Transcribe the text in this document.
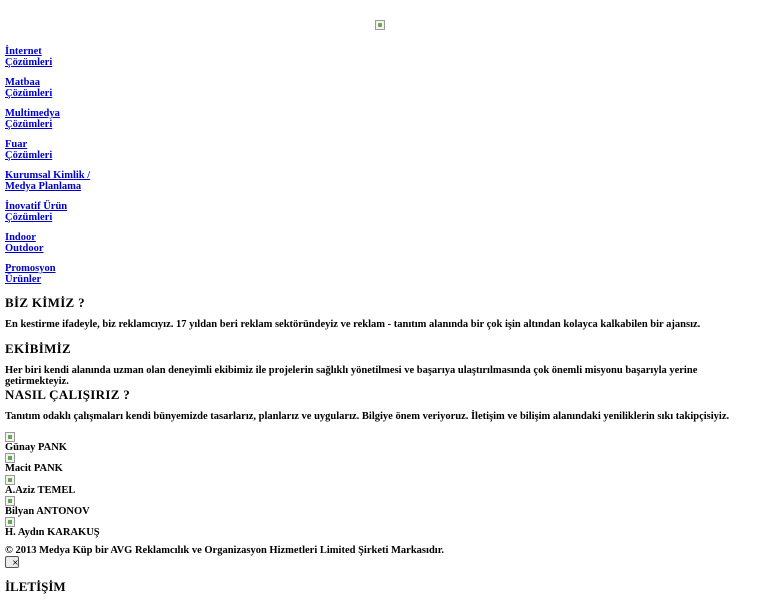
İnternet
Çözümleri
Matbaa
Çözümleri
Multimedya
Çözümleri
Fuar
Çözümleri
Kurumsal Kimlik /
Medya Planlama
İnovatif Ürün
Çözümleri
Indoor
Outdoor
Promosyon
Ürünler
BİZ KİMİZ ?

En kestirme ifadeyle, biz reklamcıyız. 17 yıldan beri reklam sektöründeyiz ve reklam - tanıtım alanında bir çok işin altından kolayca kalkabilen bir ajansız.

EKİBİMİZ

Her biri kendi alanında uzman olan deneyimli ekibimiz ile projelerin sağlıklı yönetilmesi ve başarıya ulaştırılmasında çok önemli misyonu başarıyla yerine getirmekteyiz.

NASIL ÇALIŞIRIZ ?

Tanıtım odaklı çalışmaları kendi bünyemizde tasarlarız, planlarız ve uygularız. Bilgiye önem veriyoruz. İletişim ve bilişim alanındaki yeniliklerin sıkı takipçisiyiz.

Günay PANK
Macit PANK
A.Aziz TEMEL
Bilyan ANTONOV
H. Aydın KARAKUŞ
© 2013 Medya Küp bir AVG Reklamcılık ve Organizasyon Hizmetleri Limited Şirketi Markasıdır.
×
İLETİŞİM
